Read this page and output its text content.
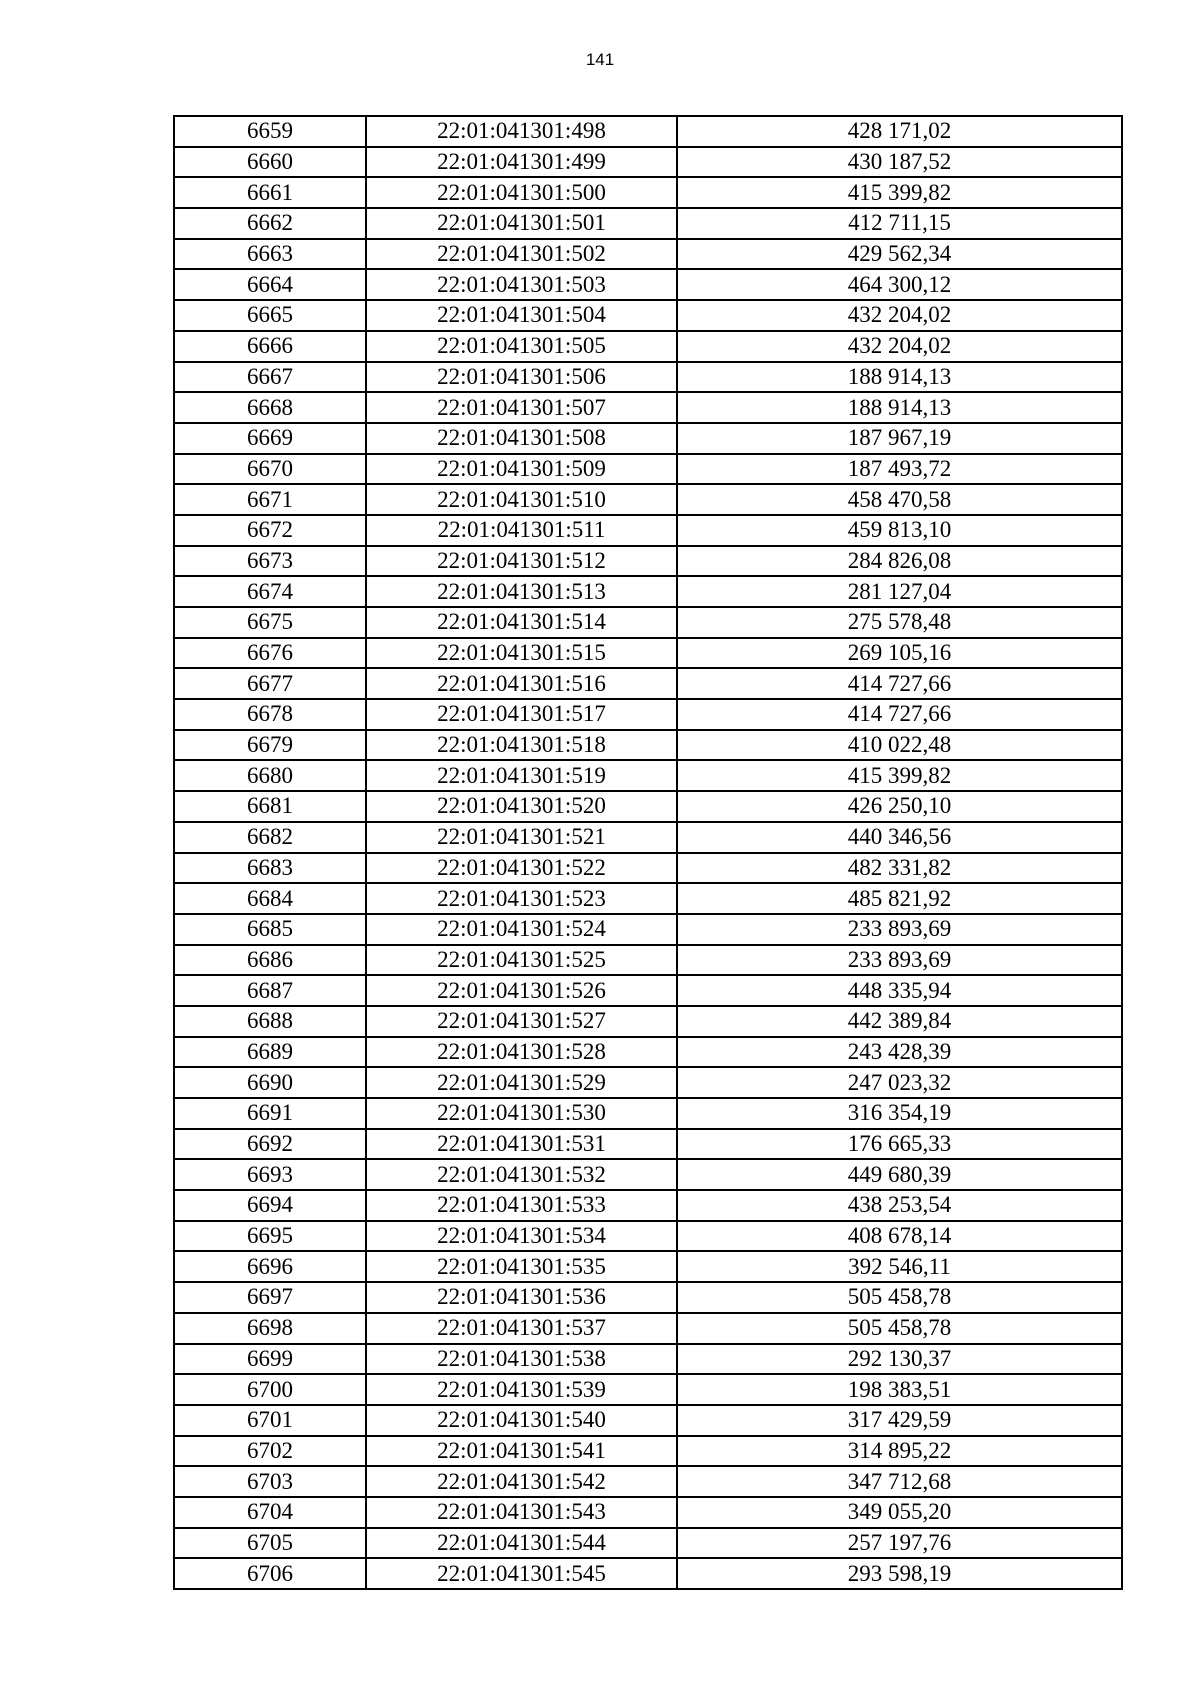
141
6659	22:01:041301:498	428 171,02
6660	22:01:041301:499	430 187,52
6661	22:01:041301:500	415 399,82
6662	22:01:041301:501	412 711,15
6663	22:01:041301:502	429 562,34
6664	22:01:041301:503	464 300,12
6665	22:01:041301:504	432 204,02
6666	22:01:041301:505	432 204,02
6667	22:01:041301:506	188 914,13
6668	22:01:041301:507	188 914,13
6669	22:01:041301:508	187 967,19
6670	22:01:041301:509	187 493,72
6671	22:01:041301:510	458 470,58
6672	22:01:041301:511	459 813,10
6673	22:01:041301:512	284 826,08
6674	22:01:041301:513	281 127,04
6675	22:01:041301:514	275 578,48
6676	22:01:041301:515	269 105,16
6677	22:01:041301:516	414 727,66
6678	22:01:041301:517	414 727,66
6679	22:01:041301:518	410 022,48
6680	22:01:041301:519	415 399,82
6681	22:01:041301:520	426 250,10
6682	22:01:041301:521	440 346,56
6683	22:01:041301:522	482 331,82
6684	22:01:041301:523	485 821,92
6685	22:01:041301:524	233 893,69
6686	22:01:041301:525	233 893,69
6687	22:01:041301:526	448 335,94
6688	22:01:041301:527	442 389,84
6689	22:01:041301:528	243 428,39
6690	22:01:041301:529	247 023,32
6691	22:01:041301:530	316 354,19
6692	22:01:041301:531	176 665,33
6693	22:01:041301:532	449 680,39
6694	22:01:041301:533	438 253,54
6695	22:01:041301:534	408 678,14
6696	22:01:041301:535	392 546,11
6697	22:01:041301:536	505 458,78
6698	22:01:041301:537	505 458,78
6699	22:01:041301:538	292 130,37
6700	22:01:041301:539	198 383,51
6701	22:01:041301:540	317 429,59
6702	22:01:041301:541	314 895,22
6703	22:01:041301:542	347 712,68
6704	22:01:041301:543	349 055,20
6705	22:01:041301:544	257 197,76
6706	22:01:041301:545	293 598,19
